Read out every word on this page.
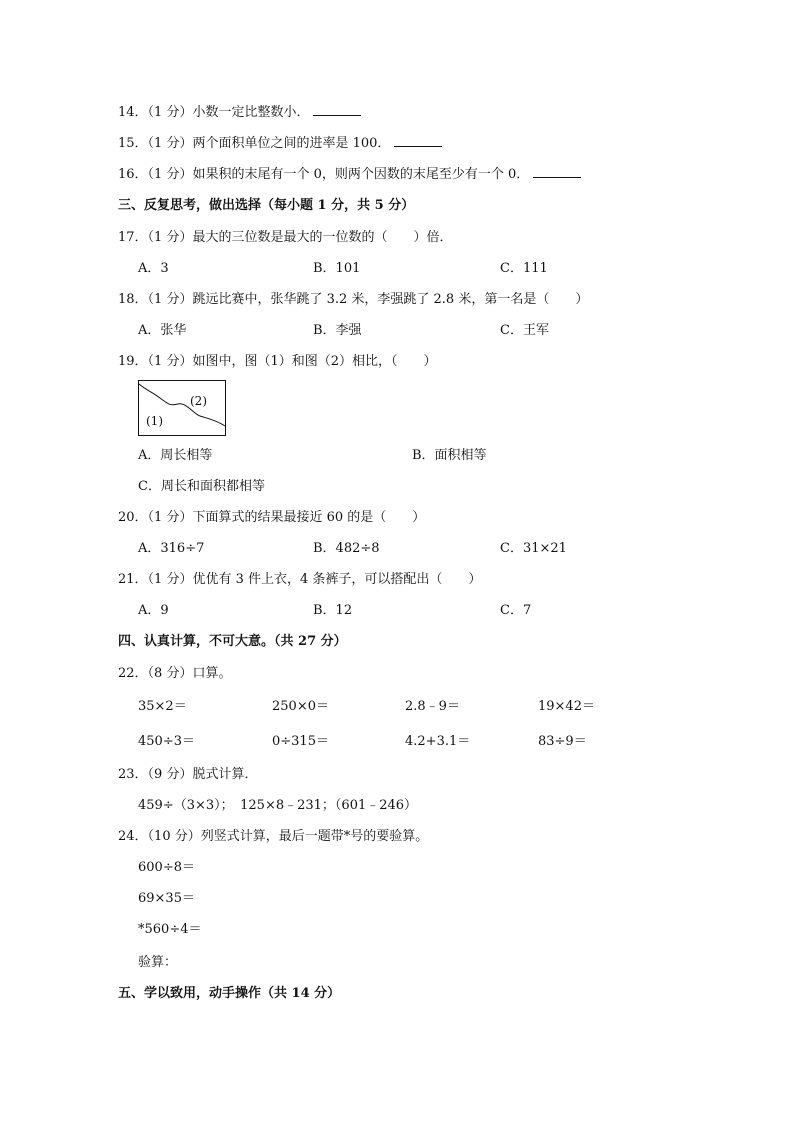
14．（1 分）小数一定比整数小．
15．（1 分）两个面积单位之间的进率是 100．
16．（1 分）如果积的末尾有一个 0，则两个因数的末尾至少有一个 0．
三、反复思考，做出选择（每小题 1 分，共 5 分）
17．（1 分）最大的三位数是最大的一位数的（　　）倍．
A．3	B．101	C．111
18．（1 分）跳远比赛中，张华跳了 3.2 米，李强跳了 2.8 米，第一名是（　　）
A．张华	B．李强	C．王军
19．（1 分）如图中，图（1）和图（2）相比，（　　）
(2)
(1)
A．周长相等	B．面积相等
C．周长和面积都相等
20．（1 分）下面算式的结果最接近 60 的是（　　）
A．316÷7	B．482÷8	C．31×21
21．（1 分）优优有 3 件上衣，4 条裤子，可以搭配出（　　）
A．9	B．12	C．7
四、认真计算，不可大意。（共 27 分）
22．（8 分）口算。
35×2＝	250×0＝	2.8﹣9＝	19×42＝
450÷3＝	0÷315＝	4.2+3.1＝	83÷9＝
23．（9 分）脱式计算．
459÷（3×3）；　125×8﹣231；（601﹣246）
24．（10 分）列竖式计算，最后一题带*号的要验算。
600÷8＝
69×35＝
*560÷4＝
验算：
五、学以致用，动手操作（共 14 分）
